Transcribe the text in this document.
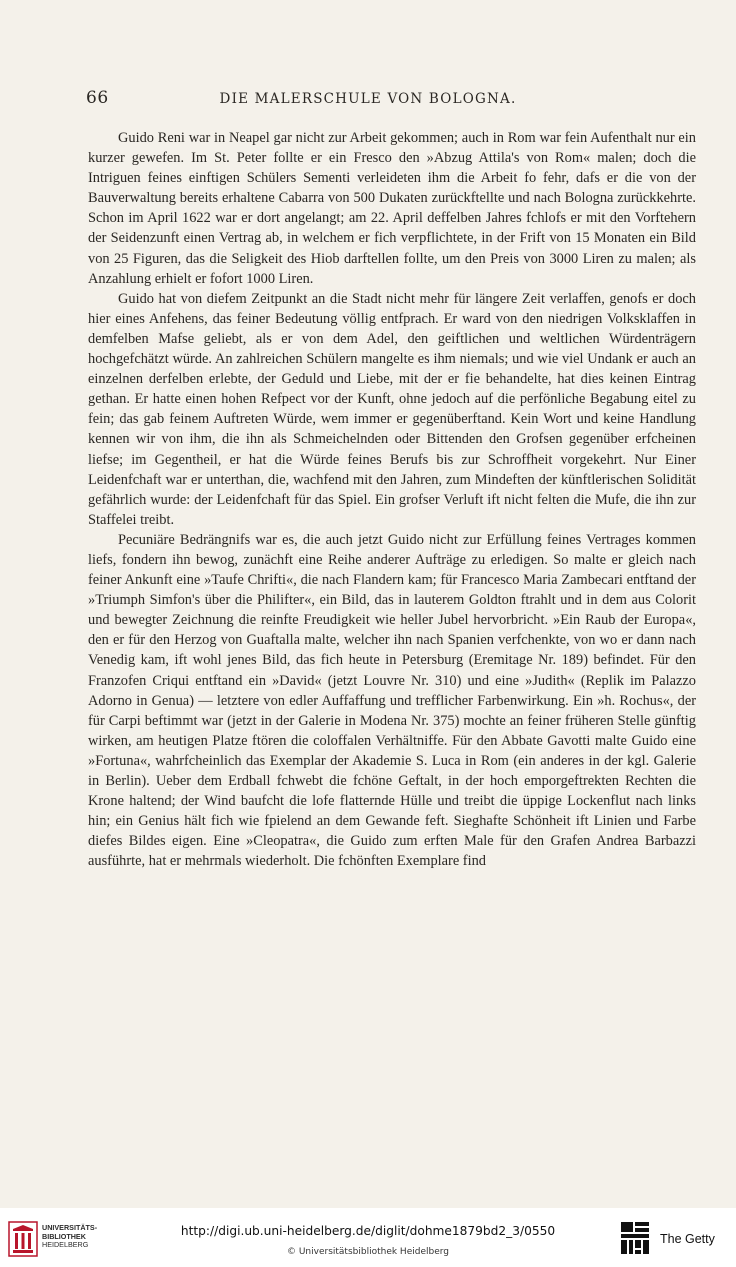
66	DIE MALERSCHULE VON BOLOGNA.

Guido Reni war in Neapel gar nicht zur Arbeit gekommen; auch in Rom war fein Aufenthalt nur ein kurzer gewefen. Im St. Peter follte er ein Fresco den »Abzug Attila's von Rom« malen; doch die Intriguen feines einftigen Schülers Sementi verleideten ihm die Arbeit fo fehr, dafs er die von der Bauverwaltung bereits erhaltene Cabarra von 500 Dukaten zurückftellte und nach Bologna zurückkehrte. Schon im April 1622 war er dort angelangt; am 22. April deffelben Jahres fchlofs er mit den Vorftehern der Seidenzunft einen Vertrag ab, in welchem er fich verpflichtete, in der Frift von 15 Monaten ein Bild von 25 Figuren, das die Seligkeit des Hiob darftellen follte, um den Preis von 3000 Liren zu malen; als Anzahlung erhielt er fofort 1000 Liren.

Guido hat von diefem Zeitpunkt an die Stadt nicht mehr für längere Zeit verlaffen, genofs er doch hier eines Anfehens, das feiner Bedeutung völlig entfprach. Er ward von den niedrigen Volksklaffen in demfelben Mafse geliebt, als er von dem Adel, den geiftlichen und weltlichen Würdenträgern hochgefchätzt würde. An zahlreichen Schülern mangelte es ihm niemals; und wie viel Undank er auch an einzelnen derfelben erlebte, der Geduld und Liebe, mit der er fie behandelte, hat dies keinen Eintrag gethan. Er hatte einen hohen Refpect vor der Kunft, ohne jedoch auf die perfönliche Begabung eitel zu fein; das gab feinem Auftreten Würde, wem immer er gegenüberftand. Kein Wort und keine Handlung kennen wir von ihm, die ihn als Schmeichelnden oder Bittenden den Grofsen gegenüber erfcheinen liefse; im Gegentheil, er hat die Würde feines Berufs bis zur Schroffheit vorgekehrt. Nur Einer Leidenfchaft war er unterthan, die, wachfend mit den Jahren, zum Mindeften der künftlerischen Solidität gefährlich wurde: der Leidenfchaft für das Spiel. Ein grofser Verluft ift nicht felten die Mufe, die ihn zur Staffelei treibt.

Pecuniäre Bedrängnifs war es, die auch jetzt Guido nicht zur Erfüllung feines Vertrages kommen liefs, fondern ihn bewog, zunächft eine Reihe anderer Aufträge zu erledigen. So malte er gleich nach feiner Ankunft eine »Taufe Chrifti«, die nach Flandern kam; für Francesco Maria Zambecari entftand der »Triumph Simfon's über die Philifter«, ein Bild, das in lauterem Goldton ftrahlt und in dem aus Colorit und bewegter Zeichnung die reinfte Freudigkeit wie heller Jubel hervorbricht. »Ein Raub der Europa«, den er für den Herzog von Guaftalla malte, welcher ihn nach Spanien verfchenkte, von wo er dann nach Venedig kam, ift wohl jenes Bild, das fich heute in Petersburg (Eremitage Nr. 189) befindet. Für den Franzofen Criqui entftand ein »David« (jetzt Louvre Nr. 310) und eine »Judith« (Replik im Palazzo Adorno in Genua) — letztere von edler Auffaffung und trefflicher Farbenwirkung. Ein »h. Rochus«, der für Carpi beftimmt war (jetzt in der Galerie in Modena Nr. 375) mochte an feiner früheren Stelle günftig wirken, am heutigen Platze ftören die coloffalen Verhältniffe. Für den Abbate Gavotti malte Guido eine »Fortuna«, wahrfcheinlich das Exemplar der Akademie S. Luca in Rom (ein anderes in der kgl. Galerie in Berlin). Ueber dem Erdball fchwebt die fchöne Geftalt, in der hoch emporgeftrekten Rechten die Krone haltend; der Wind baufcht die lofe flatternde Hülle und treibt die üppige Lockenflut nach links hin; ein Genius hält fich wie fpielend an dem Gewande feft. Sieghafte Schönheit ift Linien und Farbe diefes Bildes eigen. Eine »Cleopatra«, die Guido zum erften Male für den Grafen Andrea Barbazzi ausführte, hat er mehrmals wiederholt. Die fchönften Exemplare find

UNIVERSITÄTS-
BIBLIOTHEK
HEIDELBERG
http://digi.ub.uni-heidelberg.de/diglit/dohme1879bd2_3/0550
© Universitätsbibliothek Heidelberg
The Getty
